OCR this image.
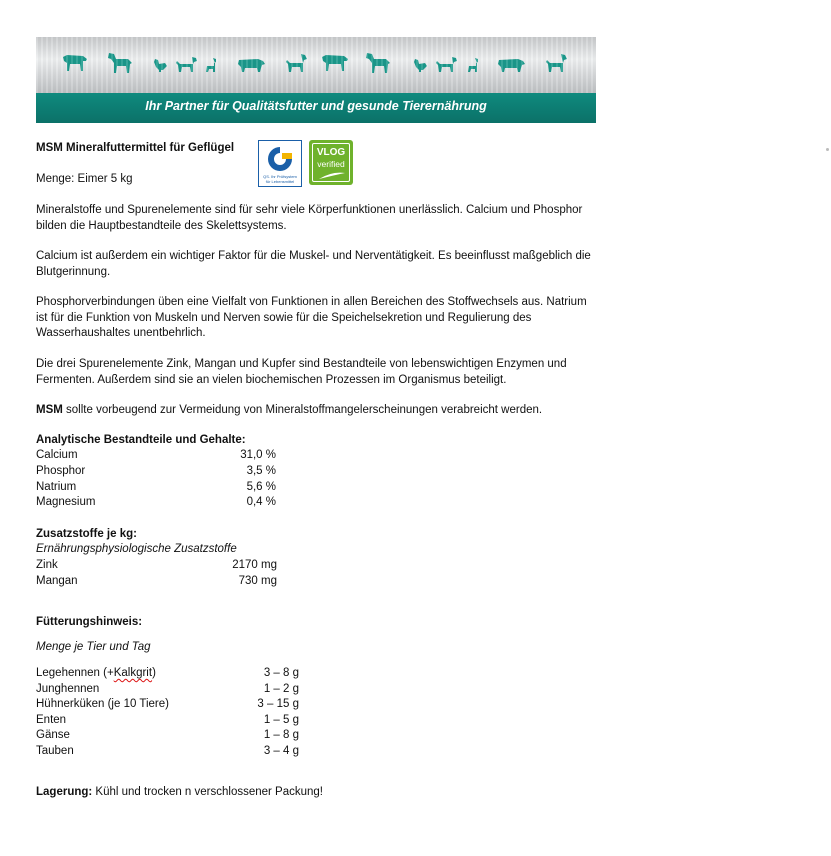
Ihr Partner für Qualitätsfutter und gesunde Tierernährung
MSM Mineralfuttermittel für Geflügel
Menge: Eimer 5 kg	QS. Ihr Prüfsystem für Lebensmittel
VLOG
verified
Mineralstoffe und Spurenelemente sind für sehr viele Körperfunktionen unerlässlich. Calcium und Phosphor bilden die Hauptbestandteile des Skelettsystems.
Calcium ist außerdem ein wichtiger Faktor für die Muskel- und Nerventätigkeit. Es beeinflusst maßgeblich die Blutgerinnung.
Phosphorverbindungen üben eine Vielfalt von Funktionen in allen Bereichen des Stoffwechsels aus. Natrium ist für die Funktion von Muskeln und Nerven sowie für die Speichelsekretion und Regulierung des Wasserhaushaltes unentbehrlich.
Die drei Spurenelemente Zink, Mangan und Kupfer sind Bestandteile von lebenswichtigen Enzymen und Fermenten. Außerdem sind sie an vielen biochemischen Prozessen im Organismus beteiligt.
MSM sollte vorbeugend zur Vermeidung von Mineralstoffmangelerscheinungen verabreicht werden.
Analytische Bestandteile und Gehalte:
Calcium	31,0 %
Phosphor	3,5 %
Natrium	5,6 %
Magnesium	0,4 %
Zusatzstoffe je kg:
Ernährungsphysiologische Zusatzstoffe
Zink	2170 mg
Mangan	730 mg
Fütterungshinweis:
Menge je Tier und Tag
Legehennen (+Kalkgrit)	3 – 8 g
Junghennen	1 – 2 g
Hühnerküken (je 10 Tiere)	3 – 15 g
Enten	1 – 5 g
Gänse	1 – 8 g
Tauben	3 – 4 g
Lagerung: Kühl und trocken n verschlossener Packung!
